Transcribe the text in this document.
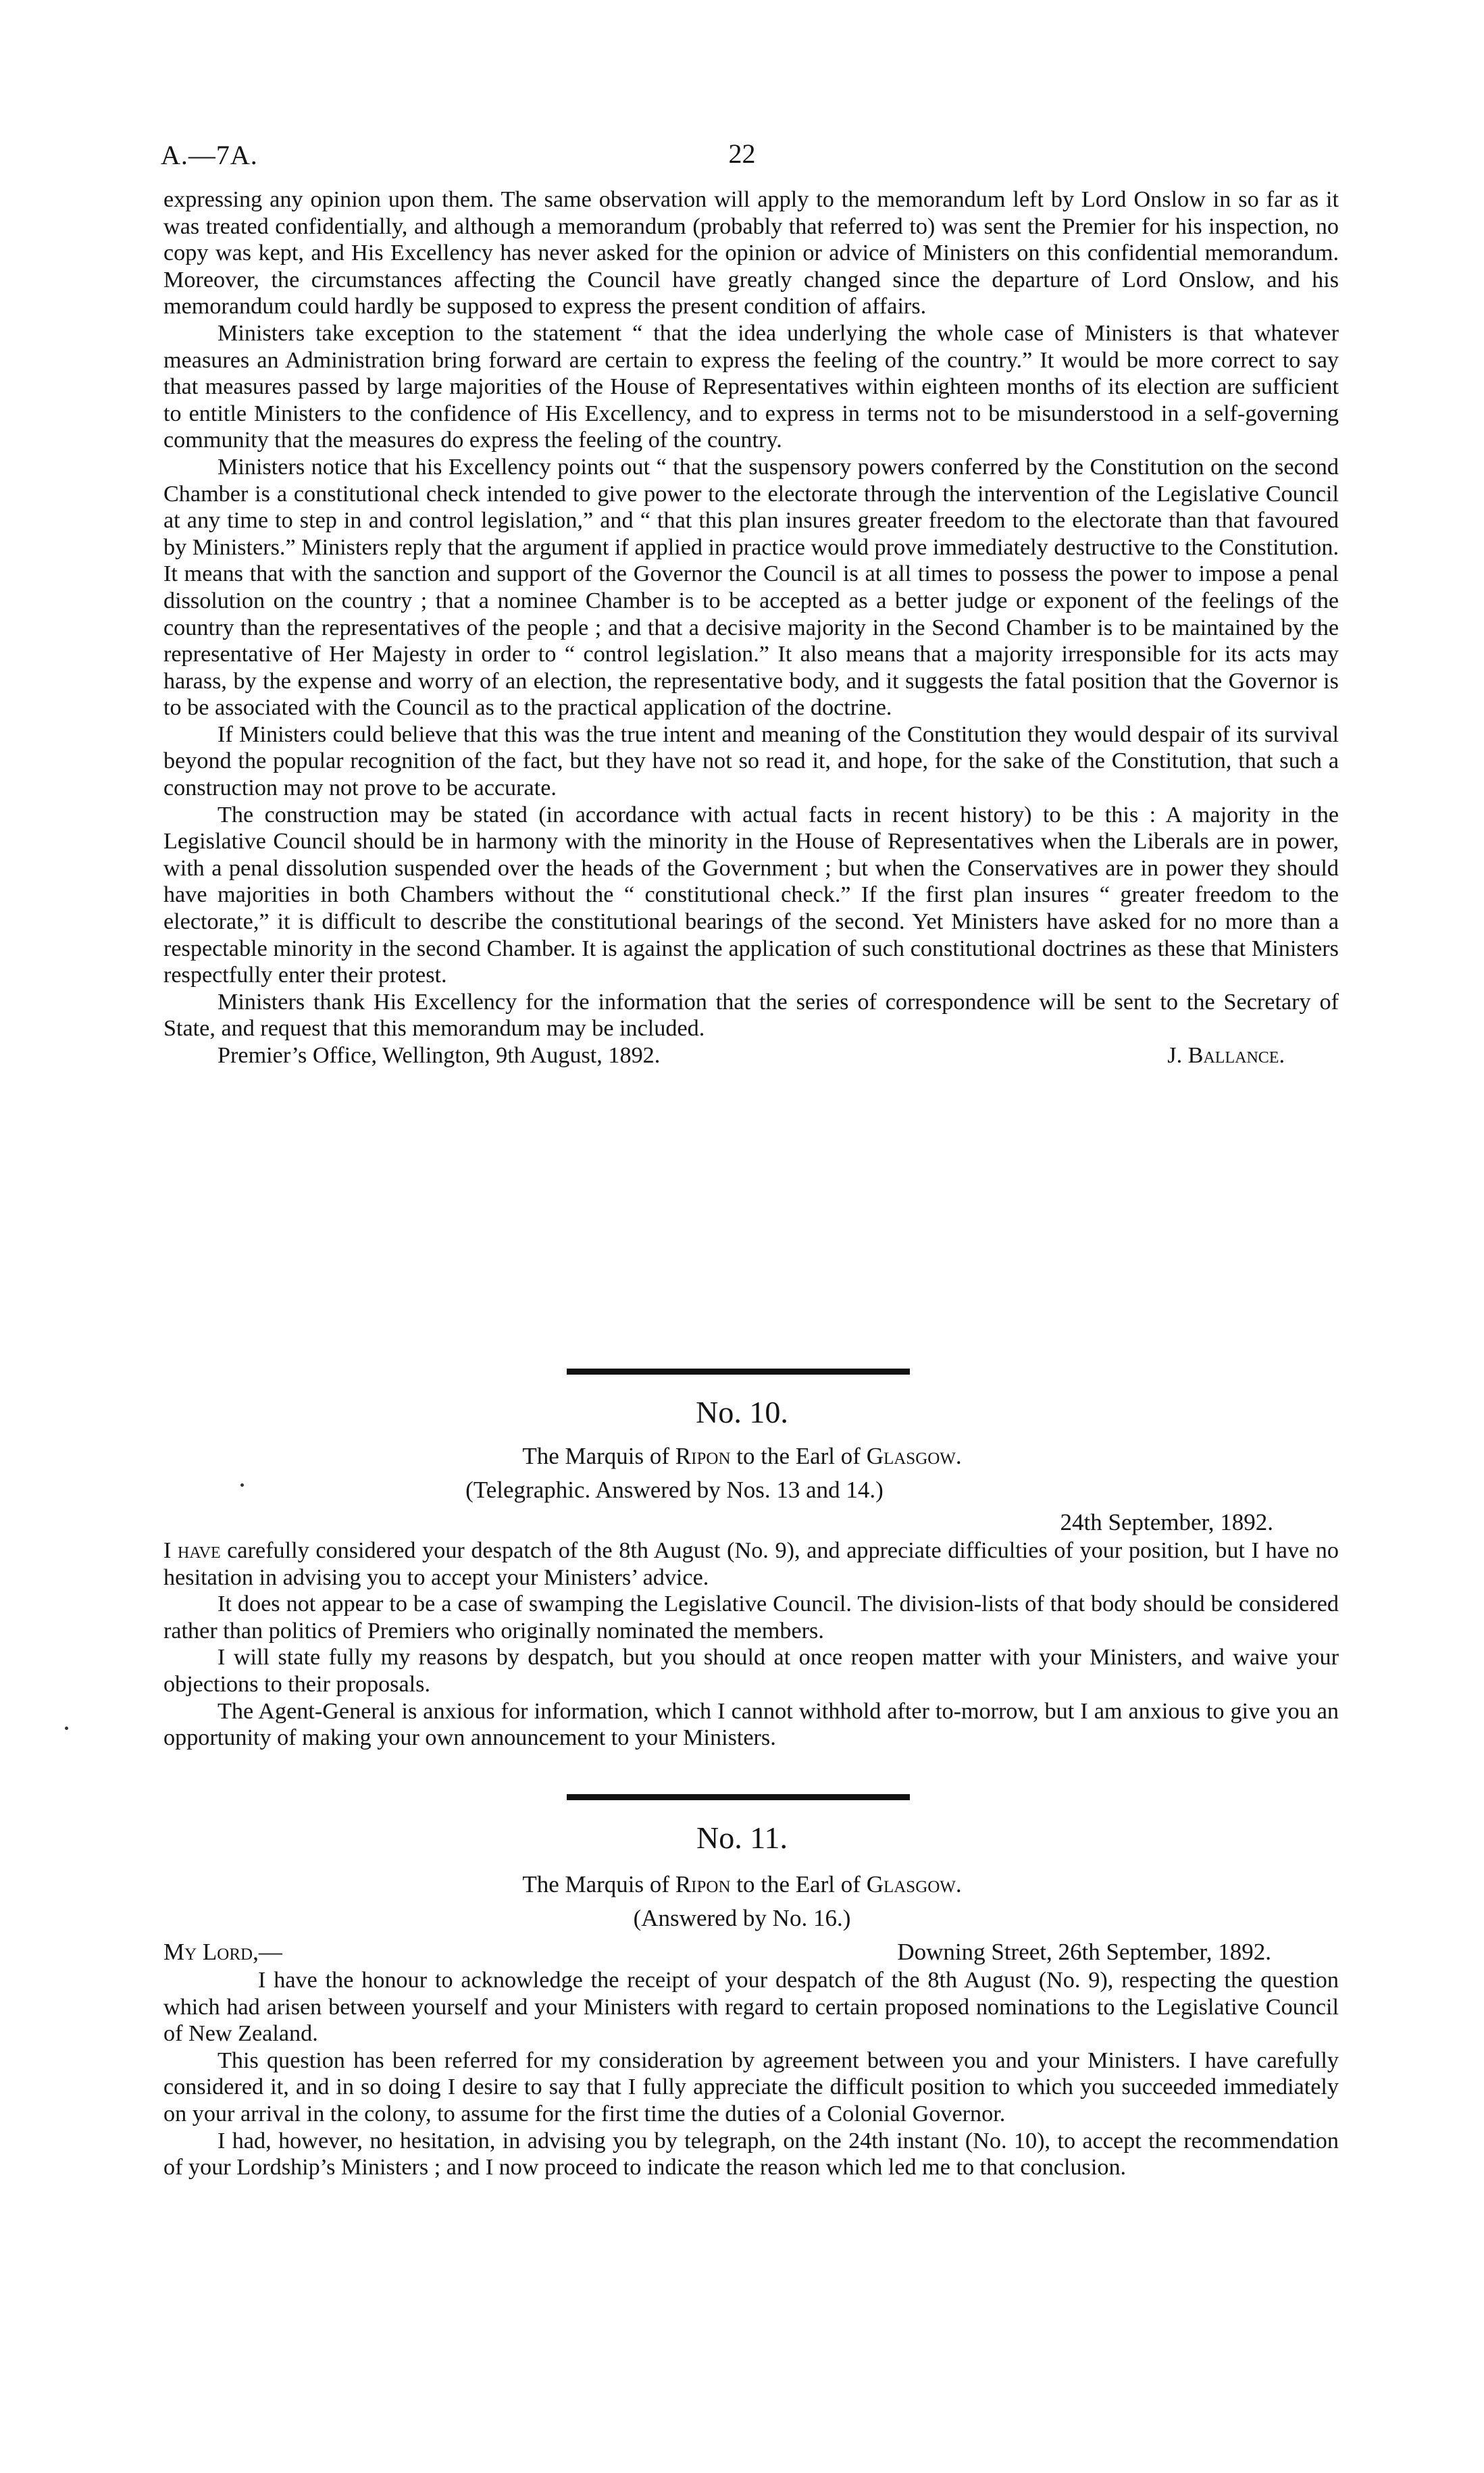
A.—7A.	22

expressing any opinion upon them. The same observation will apply to the memorandum left by Lord Onslow in so far as it was treated confidentially, and although a memorandum (probably that referred to) was sent the Premier for his inspection, no copy was kept, and His Excellency has never asked for the opinion or advice of Ministers on this confidential memorandum. Moreover, the circumstances affecting the Council have greatly changed since the departure of Lord Onslow, and his memorandum could hardly be supposed to express the present condition of affairs.

Ministers take exception to the statement “ that the idea underlying the whole case of Ministers is that whatever measures an Administration bring forward are certain to express the feeling of the country.” It would be more correct to say that measures passed by large majorities of the House of Representatives within eighteen months of its election are sufficient to entitle Ministers to the confidence of His Excellency, and to express in terms not to be misunderstood in a self-governing community that the measures do express the feeling of the country.

Ministers notice that his Excellency points out “ that the suspensory powers conferred by the Constitution on the second Chamber is a constitutional check intended to give power to the electorate through the intervention of the Legislative Council at any time to step in and control legislation,” and “ that this plan insures greater freedom to the electorate than that favoured by Ministers.” Ministers reply that the argument if applied in practice would prove immediately destructive to the Constitution. It means that with the sanction and support of the Governor the Council is at all times to possess the power to impose a penal dissolution on the country ; that a nominee Chamber is to be accepted as a better judge or exponent of the feelings of the country than the representatives of the people ; and that a decisive majority in the Second Chamber is to be maintained by the representative of Her Majesty in order to “ control legislation.” It also means that a majority irresponsible for its acts may harass, by the expense and worry of an election, the representative body, and it suggests the fatal position that the Governor is to be associated with the Council as to the practical application of the doctrine.

If Ministers could believe that this was the true intent and meaning of the Constitution they would despair of its survival beyond the popular recognition of the fact, but they have not so read it, and hope, for the sake of the Constitution, that such a construction may not prove to be accurate.

The construction may be stated (in accordance with actual facts in recent history) to be this : A majority in the Legislative Council should be in harmony with the minority in the House of Representatives when the Liberals are in power, with a penal dissolution suspended over the heads of the Government ; but when the Conservatives are in power they should have majorities in both Chambers without the “ constitutional check.” If the first plan insures “ greater freedom to the electorate,” it is difficult to describe the constitutional bearings of the second. Yet Ministers have asked for no more than a respectable minority in the second Chamber. It is against the application of such constitutional doctrines as these that Ministers respectfully enter their protest.

Ministers thank His Excellency for the information that the series of correspondence will be sent to the Secretary of State, and request that this memorandum may be included.

Premier’s Office, Wellington, 9th August, 1892.	J. Ballance.
No. 10.
The Marquis of Ripon to the Earl of Glasgow.
(Telegraphic. Answered by Nos. 13 and 14.)
24th September, 1892.

I have carefully considered your despatch of the 8th August (No. 9), and appreciate difficulties of your position, but I have no hesitation in advising you to accept your Ministers’ advice.

It does not appear to be a case of swamping the Legislative Council. The division-lists of that body should be considered rather than politics of Premiers who originally nominated the members.

I will state fully my reasons by despatch, but you should at once reopen matter with your Ministers, and waive your objections to their proposals.

The Agent-General is anxious for information, which I cannot withhold after to-morrow, but I am anxious to give you an opportunity of making your own announcement to your Ministers.

No. 11.
The Marquis of Ripon to the Earl of Glasgow.
(Answered by No. 16.)
My Lord,—	Downing Street, 26th September, 1892.

I have the honour to acknowledge the receipt of your despatch of the 8th August (No. 9), respecting the question which had arisen between yourself and your Ministers with regard to certain proposed nominations to the Legislative Council of New Zealand.

This question has been referred for my consideration by agreement between you and your Ministers. I have carefully considered it, and in so doing I desire to say that I fully appreciate the difficult position to which you succeeded immediately on your arrival in the colony, to assume for the first time the duties of a Colonial Governor.

I had, however, no hesitation, in advising you by telegraph, on the 24th instant (No. 10), to accept the recommendation of your Lordship’s Ministers ; and I now proceed to indicate the reason which led me to that conclusion.
